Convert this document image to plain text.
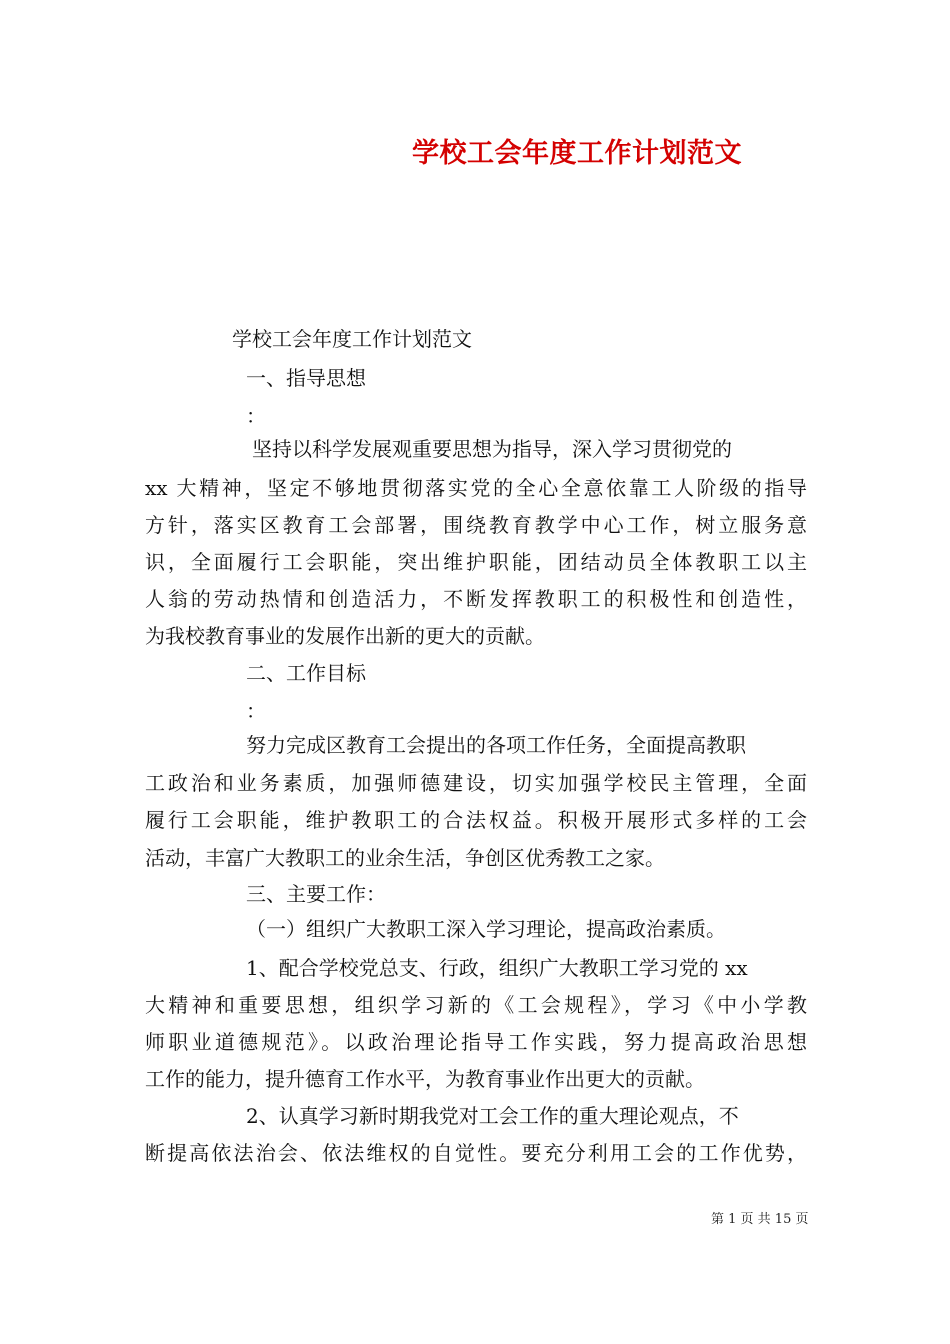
学校工会年度工作计划范文
学校工会年度工作计划范文
一、指导思想
：
坚持以科学发展观重要思想为指导，深入学习贯彻党的
xx 大精神，坚定不够地贯彻落实党的全心全意依靠工人阶级的指导
方针，落实区教育工会部署，围绕教育教学中心工作，树立服务意
识，全面履行工会职能，突出维护职能，团结动员全体教职工以主
人翁的劳动热情和创造活力，不断发挥教职工的积极性和创造性，
为我校教育事业的发展作出新的更大的贡献。
二、工作目标
：
努力完成区教育工会提出的各项工作任务，全面提高教职
工政治和业务素质，加强师德建设，切实加强学校民主管理，全面
履行工会职能，维护教职工的合法权益。积极开展形式多样的工会
活动，丰富广大教职工的业余生活，争创区优秀教工之家。
三、主要工作：
（一）组织广大教职工深入学习理论，提高政治素质。
1、配合学校党总支、行政，组织广大教职工学习党的 xx
大精神和重要思想，组织学习新的《工会规程》，学习《中小学教
师职业道德规范》。以政治理论指导工作实践，努力提高政治思想
工作的能力，提升德育工作水平，为教育事业作出更大的贡献。
2、认真学习新时期我党对工会工作的重大理论观点，不
断提高依法治会、依法维权的自觉性。要充分利用工会的工作优势，
第 1 页 共 15 页
